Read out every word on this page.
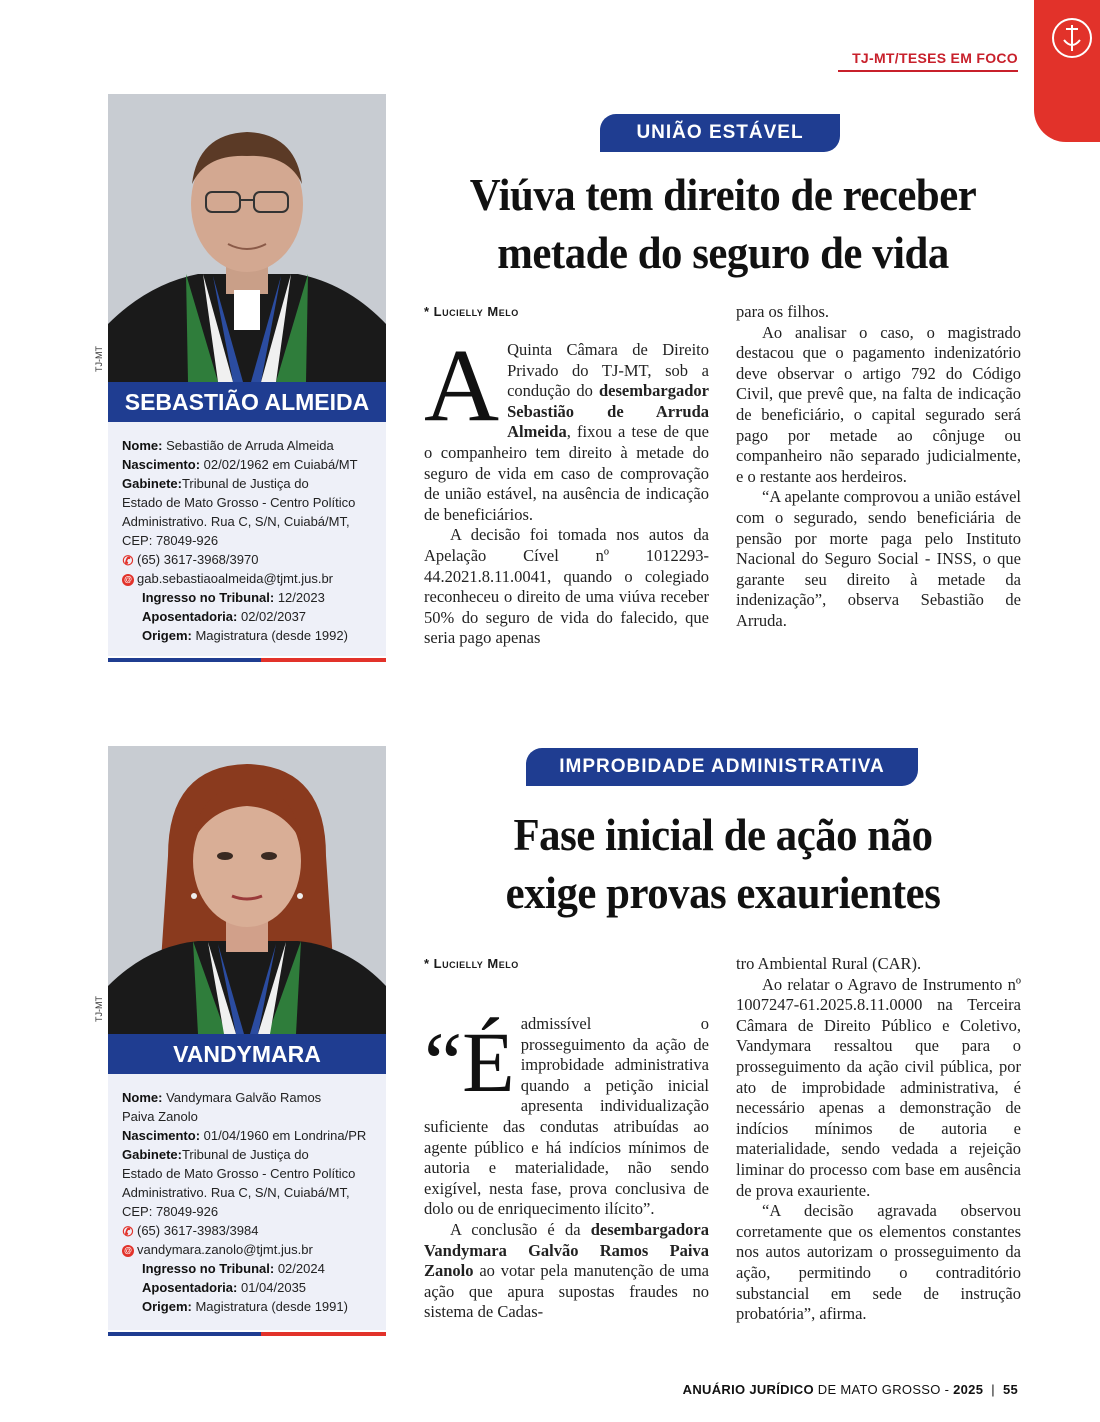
TJ-MT/TESES EM FOCO
TJ-MT
SEBASTIÃO ALMEIDA
Nome: Sebastião de Arruda Almeida
Nascimento: 02/02/1962 em Cuiabá/MT
Gabinete:Tribunal de Justiça do
Estado de Mato Grosso - Centro Político
Administrativo. Rua C, S/N, Cuiabá/MT,
CEP: 78049-926
✆ (65) 3617-3968/3970
@ gab.sebastiaoalmeida@tjmt.jus.br
Ingresso no Tribunal: 12/2023
Aposentadoria: 02/02/2037
Origem: Magistratura (desde 1992)
UNIÃO ESTÁVEL
Viúva tem direito de receber
metade do seguro de vida
* Lucielly Melo

A Quinta Câmara de Direito Privado do TJ-MT, sob a condução do desembargador Sebastião de Arruda Almeida, fixou a tese de que o companheiro tem direito à metade do seguro de vida em caso de comprovação de união estável, na ausência de indicação de beneficiários.

A decisão foi tomada nos autos da Apelação Cível nº 1012293-44.2021.8.11.0041, quando o colegiado reconheceu o direito de uma viúva receber 50% do seguro de vida do falecido, que seria pago apenas

para os filhos.

Ao analisar o caso, o magistrado destacou que o pagamento indenizatório deve observar o artigo 792 do Código Civil, que prevê que, na falta de indicação de beneficiário, o capital segurado será pago por metade ao cônjuge ou companheiro não separado judicialmente, e o restante aos herdeiros.

“A apelante comprovou a união estável com o segurado, sendo beneficiária de pensão por morte paga pelo Instituto Nacional do Seguro Social - INSS, o que garante seu direito à metade da indenização”, observa Sebastião de Arruda.

TJ-MT
VANDYMARA
Nome: Vandymara Galvão Ramos
Paiva Zanolo
Nascimento: 01/04/1960 em Londrina/PR
Gabinete:Tribunal de Justiça do
Estado de Mato Grosso - Centro Político
Administrativo. Rua C, S/N, Cuiabá/MT,
CEP: 78049-926
✆ (65) 3617-3983/3984
@ vandymara.zanolo@tjmt.jus.br
Ingresso no Tribunal: 02/2024
Aposentadoria: 01/04/2035
Origem: Magistratura (desde 1991)
IMPROBIDADE ADMINISTRATIVA
Fase inicial de ação não
exige provas exaurientes
* Lucielly Melo

“Éadmissível o prosseguimento da ação de improbidade administrativa quando a petição inicial apresenta individualização suficiente das condutas atribuídas ao agente público e há indícios mínimos de autoria e materialidade, não sendo exigível, nesta fase, prova conclusiva de dolo ou de enriquecimento ilícito”.

A conclusão é da desembargadora Vandymara Galvão Ramos Paiva Zanolo ao votar pela manutenção de uma ação que apura supostas fraudes no sistema de Cadas-

tro Ambiental Rural (CAR).

Ao relatar o Agravo de Instrumento nº 1007247-61.2025.8.11.0000 na Terceira Câmara de Direito Público e Coletivo, Vandymara ressaltou que para o prosseguimento da ação civil pública, por ato de improbidade administrativa, é necessário apenas a demonstração de indícios mínimos de autoria e materialidade, sendo vedada a rejeição liminar do processo com base em ausência de prova exauriente.

“A decisão agravada observou corretamente que os elementos constantes nos autos autorizam o prosseguimento da ação, permitindo o contraditório substancial em sede de instrução probatória”, afirma.

ANUÁRIO JURÍDICO DE MATO GROSSO - 2025 | 55
